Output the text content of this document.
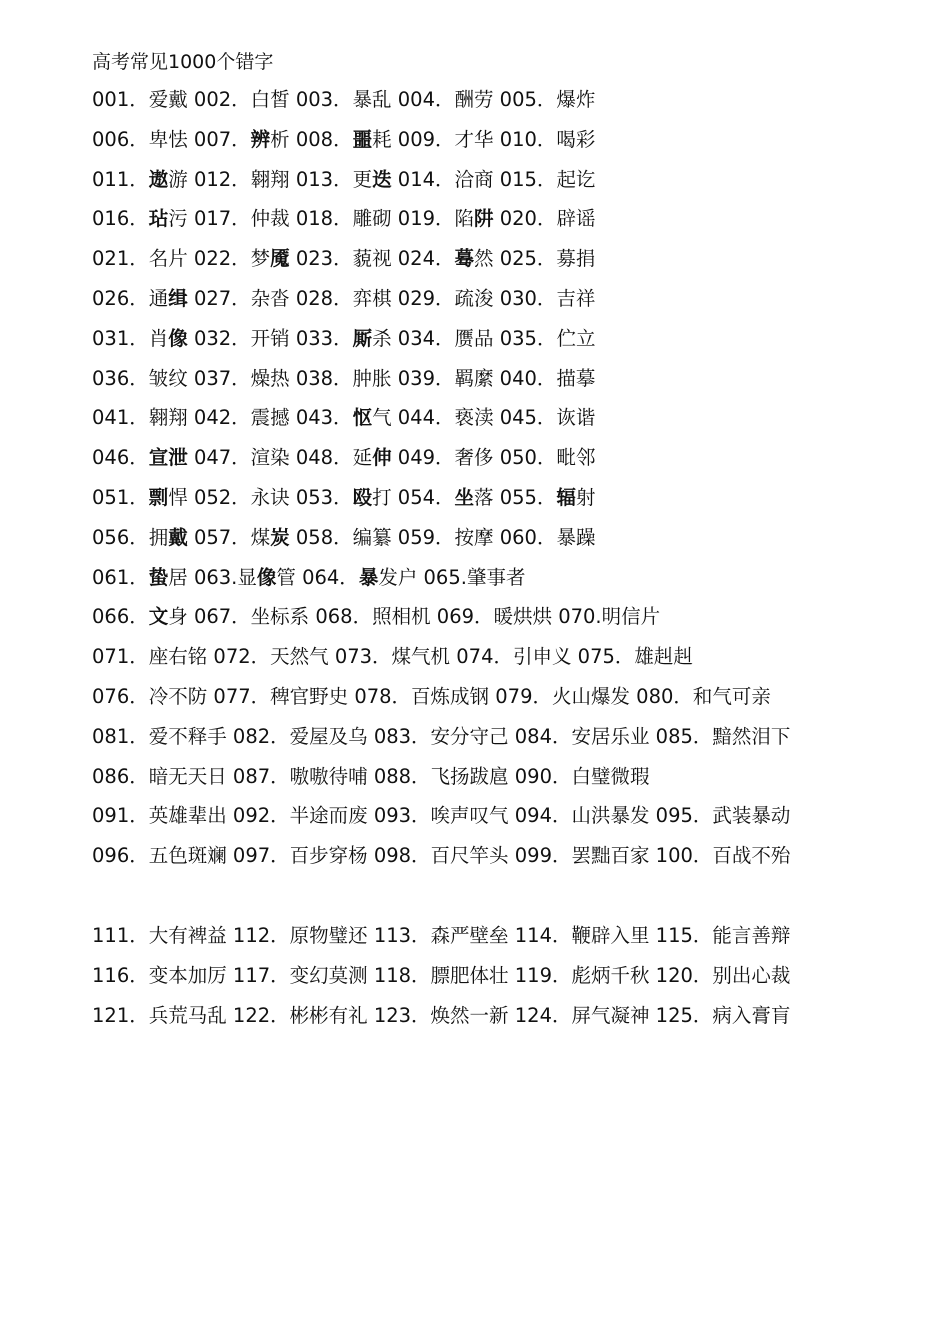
高考常见1000个错字
001．爱戴 002．白皙 003．暴乱 004．酬劳 005．爆炸
006．卑怯 007．辨析 008．噩耗 009．才华 010．喝彩
011．遨游 012．翱翔 013．更迭 014．洽商 015．起讫
016．玷污 017．仲裁 018．雕砌 019．陷阱 020．辟谣
021．名片 022．梦魇 023．藐视 024．蓦然 025．募捐
026．通缉 027．杂沓 028．弈棋 029．疏浚 030．吉祥
031．肖像 032．开销 033．厮杀 034．赝品 035．伫立
036．皱纹 037．燥热 038．肿胀 039．羁縻 040．描摹
041．翱翔 042．震撼 043．怄气 044．亵渎 045．诙谐
046．宣泄 047．渲染 048．延伸 049．奢侈 050．毗邻
051．剽悍 052．永诀 053．殴打 054．坐落 055．辐射
056．拥戴 057．煤炭 058．编纂 059．按摩 060．暴躁
061．蛰居 063.显像管 064．暴发户 065.肇事者
066．文身 067．坐标系 068．照相机 069．暖烘烘 070.明信片
071．座右铭 072．天然气 073．煤气机 074．引申义 075．雄赳赳
076．冷不防 077．稗官野史 078．百炼成钢 079．火山爆发 080．和气可亲
081．爱不释手 082．爱屋及乌 083．安分守己 084．安居乐业 085．黯然泪下
086．暗无天日 087．嗷嗷待哺 088．飞扬跋扈 090．白璧微瑕
091．英雄辈出 092．半途而废 093．唉声叹气 094．山洪暴发 095．武装暴动
096．五色斑斓 097．百步穿杨 098．百尺竿头 099．罢黜百家 100．百战不殆
111．大有裨益 112．原物璧还 113．森严壁垒 114．鞭辟入里 115．能言善辩
116．变本加厉 117．变幻莫测 118．膘肥体壮 119．彪炳千秋 120．别出心裁
121．兵荒马乱 122．彬彬有礼 123．焕然一新 124．屏气凝神 125．病入膏肓
